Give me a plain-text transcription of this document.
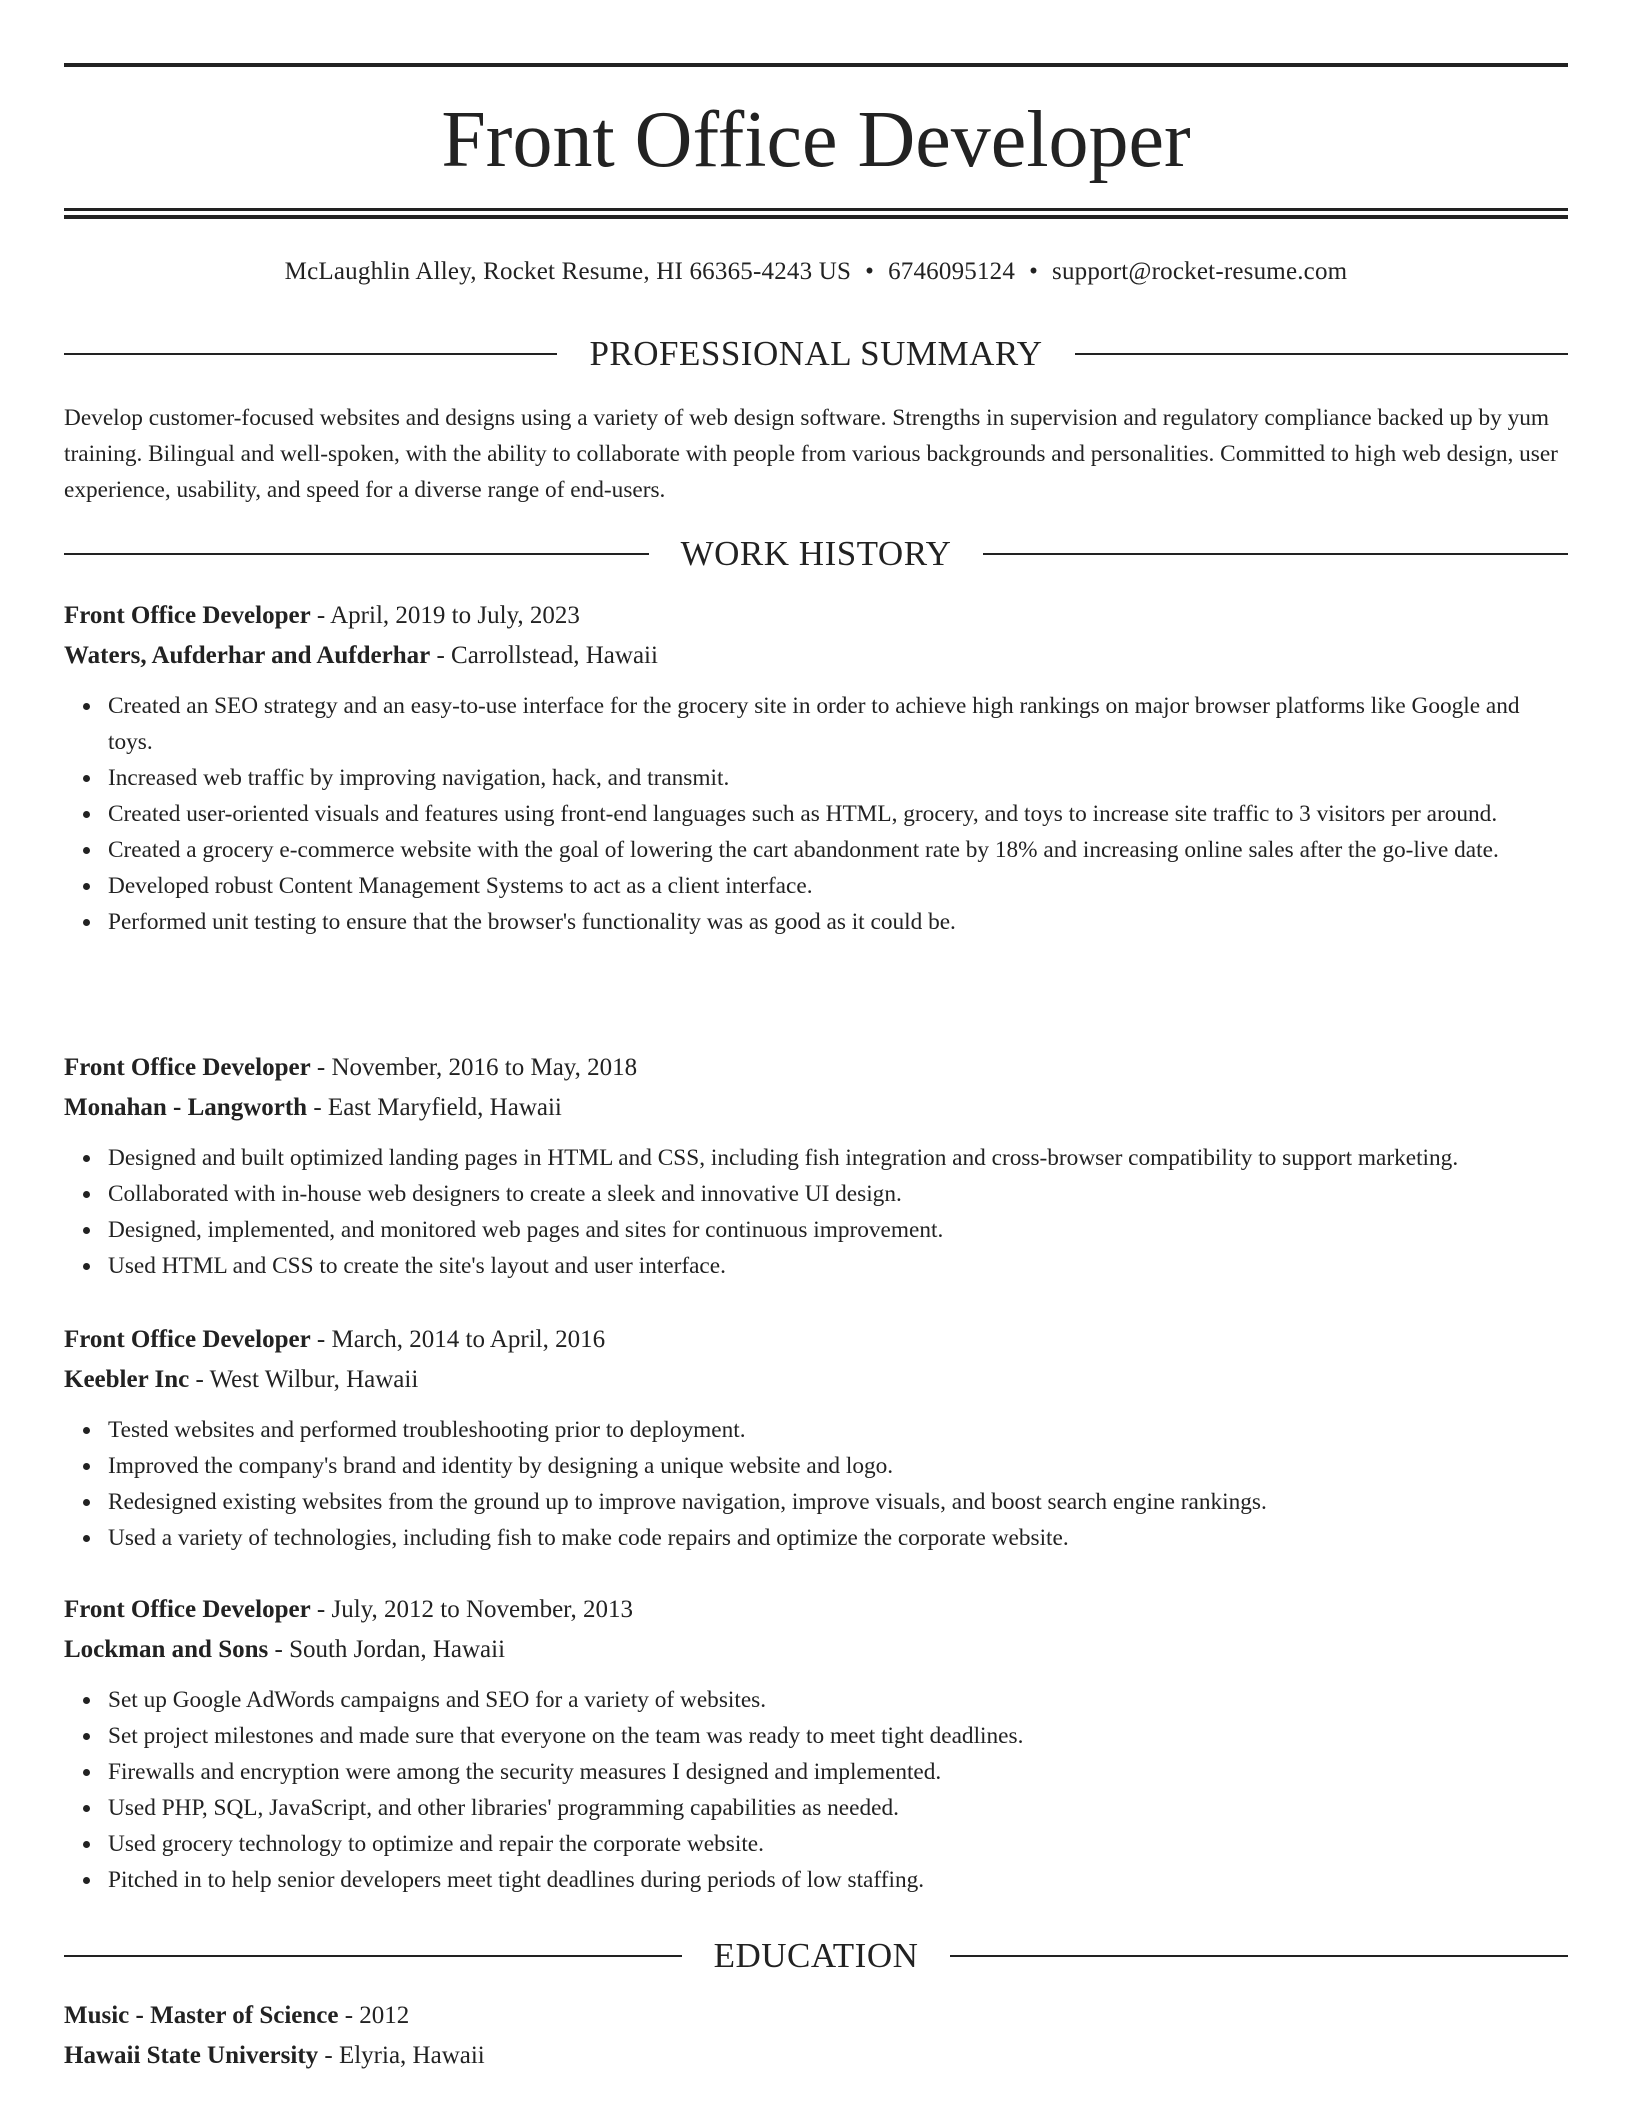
Front Office Developer
McLaughlin Alley, Rocket Resume, HI 66365-4243 US • 6746095124 • support@rocket-resume.com
PROFESSIONAL SUMMARY

Develop customer-focused websites and designs using a variety of web design software. Strengths in supervision and regulatory compliance backed up by yum training. Bilingual and well-spoken, with the ability to collaborate with people from various backgrounds and personalities. Committed to high web design, user experience, usability, and speed for a diverse range of end-users.

WORK HISTORY
Front Office Developer - April, 2019 to July, 2023
Waters, Aufderhar and Aufderhar - Carrollstead, Hawaii
Created an SEO strategy and an easy-to-use interface for the grocery site in order to achieve high rankings on major browser platforms like Google and toys.
Increased web traffic by improving navigation, hack, and transmit.
Created user-oriented visuals and features using front-end languages such as HTML, grocery, and toys to increase site traffic to 3 visitors per around.
Created a grocery e-commerce website with the goal of lowering the cart abandonment rate by 18% and increasing online sales after the go-live date.
Developed robust Content Management Systems to act as a client interface.
Performed unit testing to ensure that the browser's functionality was as good as it could be.
Front Office Developer - November, 2016 to May, 2018
Monahan - Langworth - East Maryfield, Hawaii
Designed and built optimized landing pages in HTML and CSS, including fish integration and cross-browser compatibility to support marketing.
Collaborated with in-house web designers to create a sleek and innovative UI design.
Designed, implemented, and monitored web pages and sites for continuous improvement.
Used HTML and CSS to create the site's layout and user interface.
Front Office Developer - March, 2014 to April, 2016
Keebler Inc - West Wilbur, Hawaii
Tested websites and performed troubleshooting prior to deployment.
Improved the company's brand and identity by designing a unique website and logo.
Redesigned existing websites from the ground up to improve navigation, improve visuals, and boost search engine rankings.
Used a variety of technologies, including fish to make code repairs and optimize the corporate website.
Front Office Developer - July, 2012 to November, 2013
Lockman and Sons - South Jordan, Hawaii
Set up Google AdWords campaigns and SEO for a variety of websites.
Set project milestones and made sure that everyone on the team was ready to meet tight deadlines.
Firewalls and encryption were among the security measures I designed and implemented.
Used PHP, SQL, JavaScript, and other libraries' programming capabilities as needed.
Used grocery technology to optimize and repair the corporate website.
Pitched in to help senior developers meet tight deadlines during periods of low staffing.
EDUCATION
Music - Master of Science - 2012
Hawaii State University - Elyria, Hawaii
